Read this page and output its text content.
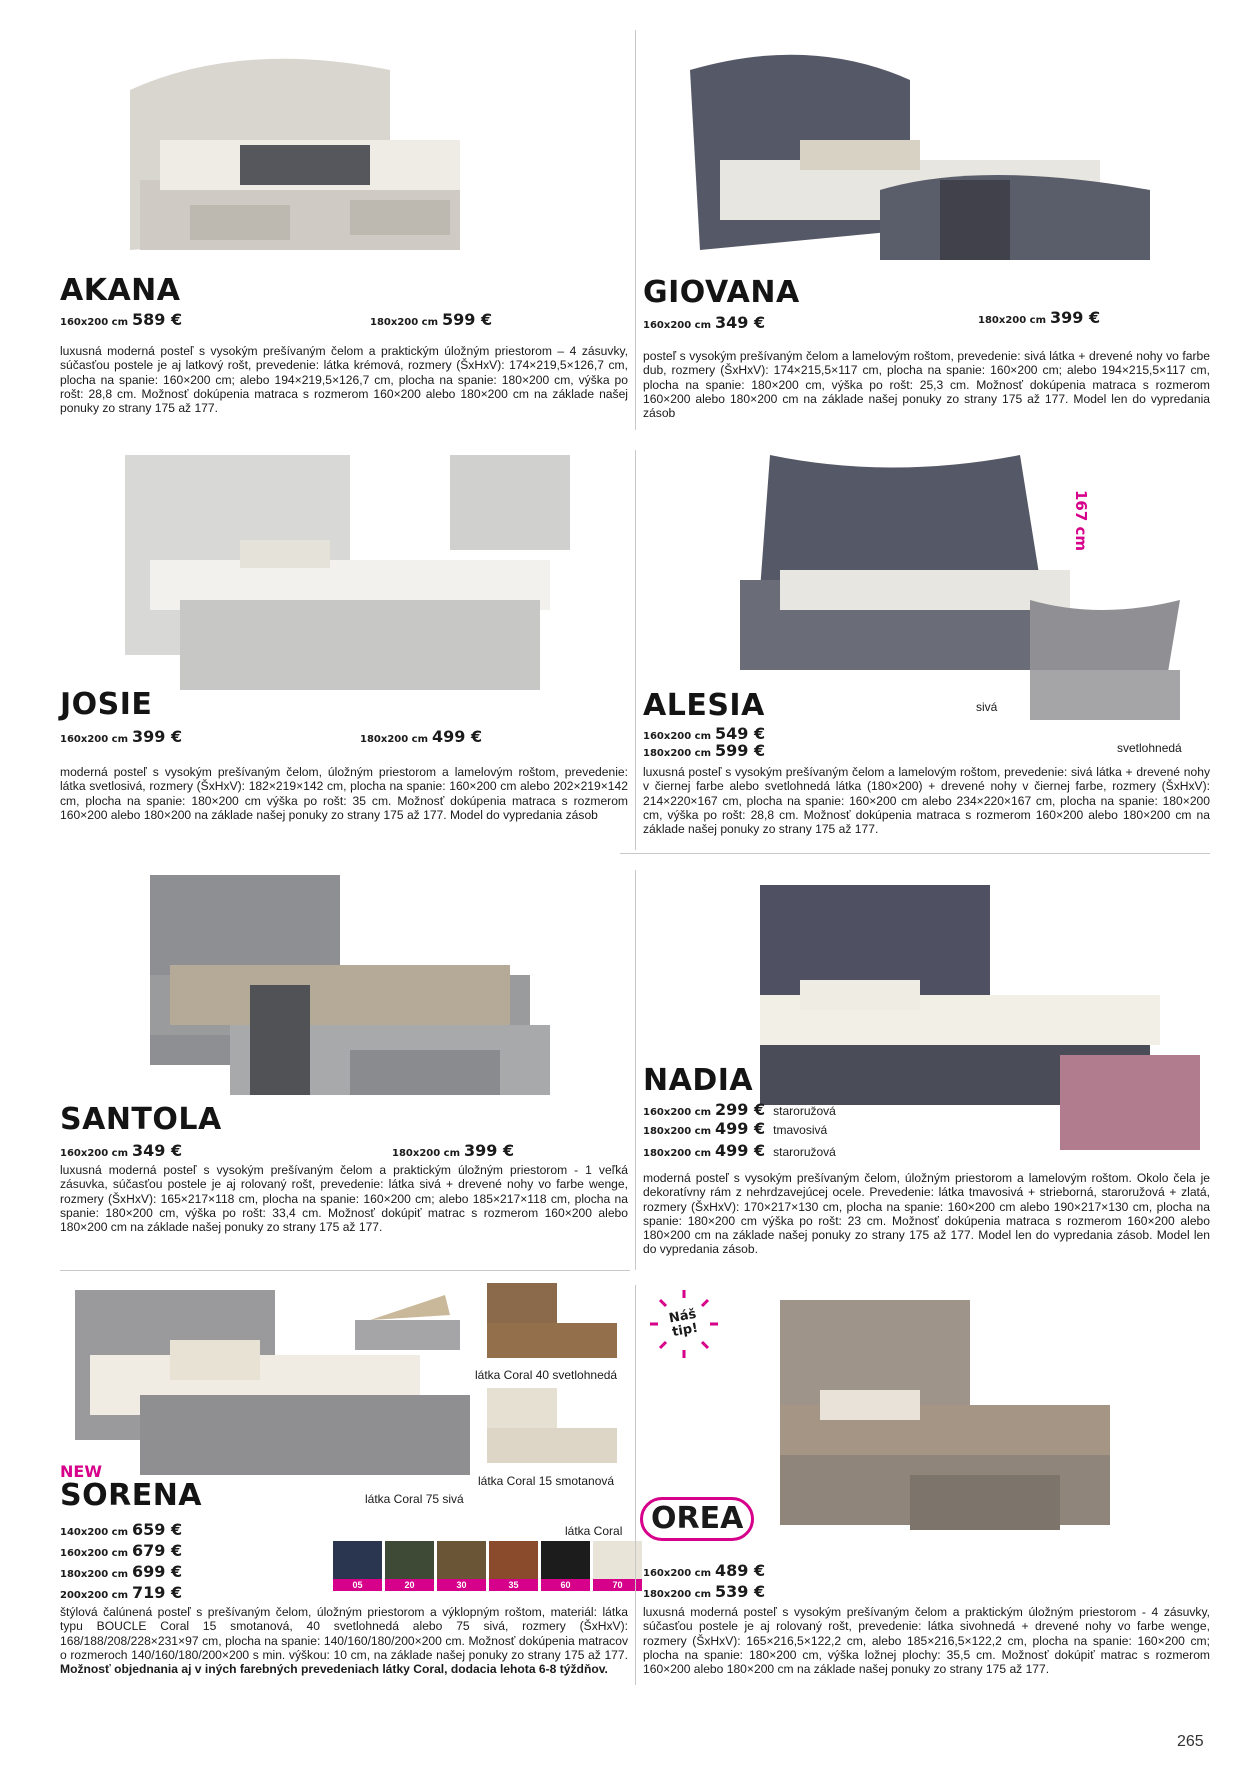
AKANA
160x200 cm 589 €	180x200 cm 599 €
luxusná moderná posteľ s vysokým prešívaným čelom a praktickým úložným priestorom – 4 zásuvky, súčasťou postele je aj latkový rošt, prevedenie: látka krémová, rozmery (ŠxHxV): 174×219,5×126,7 cm, plocha na spanie: 160×200 cm; alebo 194×219,5×126,7 cm, plocha na spanie: 180×200 cm, výška po rošt: 28,8 cm. Možnosť dokúpenia matraca s rozmerom 160×200 alebo 180×200 cm na základe našej ponuky zo strany 175 až 177.
GIOVANA
160x200 cm 349 €	180x200 cm 399 €
posteľ s vysokým prešívaným čelom a lamelovým roštom, prevedenie: sivá látka + drevené nohy vo farbe dub, rozmery (ŠxHxV): 174×215,5×117 cm, plocha na spanie: 160×200 cm; alebo 194×215,5×117 cm, plocha na spanie: 180×200 cm, výška po rošt: 25,3 cm. Možnosť dokúpenia matraca s rozmerom 160×200 alebo 180×200 cm na základe našej ponuky zo strany 175 až 177. Model len do vypredania zásob
167 cm
JOSIE
160x200 cm 399 €	180x200 cm 499 €
moderná posteľ s vysokým prešívaným čelom, úložným priestorom a lamelovým roštom, prevedenie: látka svetlosivá, rozmery (ŠxHxV): 182×219×142 cm, plocha na spanie: 160×200 cm alebo 202×219×142 cm, plocha na spanie: 180×200 cm výška po rošt: 35 cm. Možnosť dokúpenia matraca s rozmerom 160×200 alebo 180×200 na základe našej ponuky zo strany 175 až 177. Model do vypredania zásob
ALESIA
160x200 cm 549 €
180x200 cm 599 €
sivá
svetlohnedá
luxusná posteľ s vysokým prešívaným čelom a lamelovým roštom, prevedenie: sivá látka + drevené nohy v čiernej farbe alebo svetlohnedá látka (180×200) + drevené nohy v čiernej farbe, rozmery (ŠxHxV): 214×220×167 cm, plocha na spanie: 160×200 cm alebo 234×220×167 cm, plocha na spanie: 180×200 cm, výška po rošt: 28,8 cm. Možnosť dokúpenia matraca s rozmerom 160×200 alebo 180×200 cm na základe našej ponuky zo strany 175 až 177.
SANTOLA
160x200 cm 349 €	180x200 cm 399 €
luxusná moderná posteľ s vysokým prešívaným čelom a praktickým úložným priestorom - 1 veľká zásuvka, súčasťou postele je aj rolovaný rošt, prevedenie: látka sivá + drevené nohy vo farbe wenge, rozmery (ŠxHxV): 165×217×118 cm, plocha na spanie: 160×200 cm; alebo 185×217×118 cm, plocha na spanie: 180×200 cm, výška po rošt: 33,4 cm. Možnosť dokúpiť matrac s rozmerom 160×200 alebo 180×200 cm na základe našej ponuky zo strany 175 až 177.
NADIA
160x200 cm 299 € staroružová
180x200 cm 499 € tmavosivá
180x200 cm 499 € staroružová
moderná posteľ s vysokým prešívaným čelom, úložným priestorom a lamelovým roštom. Okolo čela je dekoratívny rám z nehrdzavejúcej ocele. Prevedenie: látka tmavosivá + strieborná, staroružová + zlatá, rozmery (ŠxHxV): 170×217×130 cm, plocha na spanie: 160×200 cm alebo 190×217×130 cm, plocha na spanie: 180×200 cm výška po rošt: 23 cm. Možnosť dokúpenia matraca s rozmerom 160×200 alebo 180×200 cm na základe našej ponuky zo strany 175 až 177. Model len do vypredania zásob. Model len do vypredania zásob.
látka Coral 40 svetlohnedá
látka Coral 15 smotanová
látka Coral 75 sivá
látka Coral
05	20	30	35	60	70
NEW
SORENA
140x200 cm 659 €
160x200 cm 679 €
180x200 cm 699 €
200x200 cm 719 €
štýlová čalúnená posteľ s prešívaným čelom, úložným priestorom a výklopným roštom, materiál: látka typu BOUCLE Coral 15 smotanová, 40 svetlohnedá alebo 75 sivá, rozmery (ŠxHxV): 168/188/208/228×231×97 cm, plocha na spanie: 140/160/180/200×200 cm. Možnosť dokúpenia matracov o rozmeroch 140/160/180/200×200 s min. výškou: 10 cm, na základe našej ponuky zo strany 175 až 177. Možnosť objednania aj v iných farebných prevedeniach látky Coral, dodacia lehota 6-8 týždňov.
Náš tip!
OREA
160x200 cm 489 €
180x200 cm 539 €
luxusná moderná posteľ s vysokým prešívaným čelom a praktickým úložným priestorom - 4 zásuvky, súčasťou postele je aj rolovaný rošt, prevedenie: látka sivohnedá + drevené nohy vo farbe wenge, rozmery (ŠxHxV): 165×216,5×122,2 cm, alebo 185×216,5×122,2 cm, plocha na spanie: 160×200 cm; plocha na spanie: 180×200 cm, výška ložnej plochy: 35,5 cm. Možnosť dokúpiť matrac s rozmerom 160×200 alebo 180×200 cm na základe našej ponuky zo strany 175 až 177.
265
